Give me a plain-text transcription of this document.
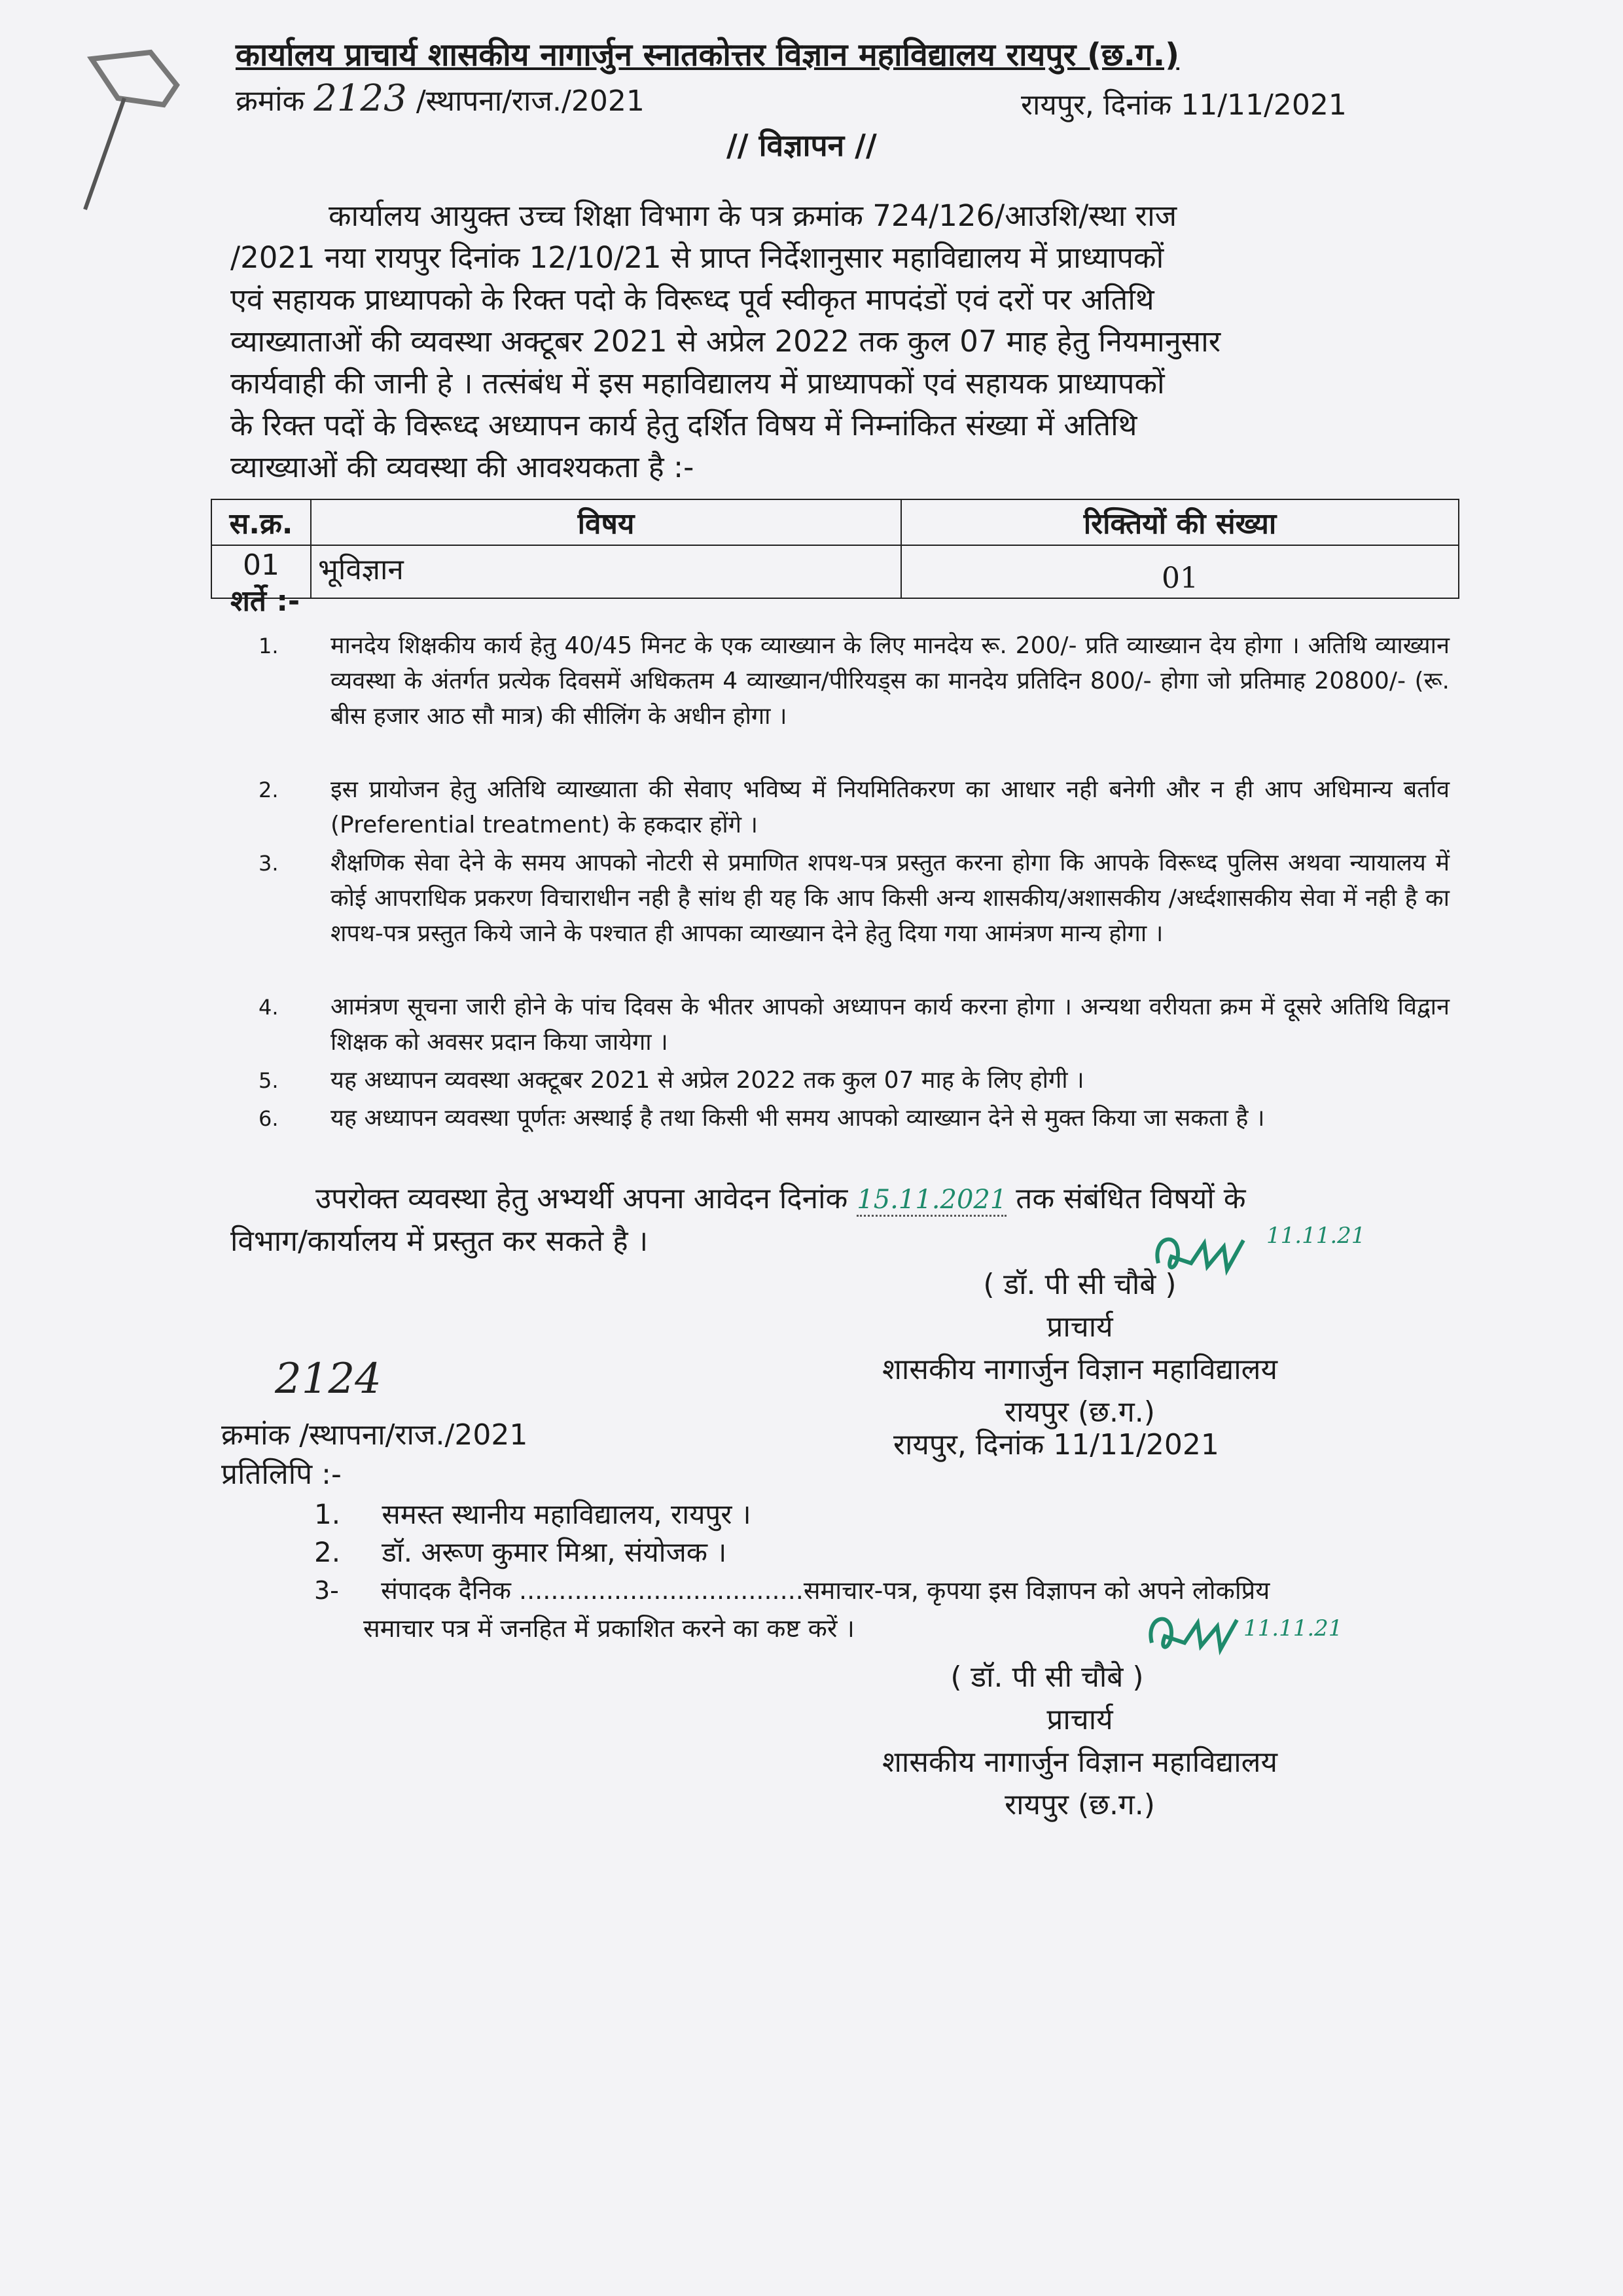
कार्यालय प्राचार्य शासकीय नागार्जुन स्नातकोत्तर विज्ञान महाविद्यालय रायपुर (छ.ग.)
क्रमांक 2123 /स्थापना/राज./2021	रायपुर, दिनांक 11/11/2021
// विज्ञापन //
कार्यालय आयुक्त उच्च शिक्षा विभाग के पत्र क्रमांक 724/126/आउशि/स्था राज
/2021 नया रायपुर दिनांक 12/10/21 से प्राप्त निर्देशानुसार महाविद्यालय में प्राध्यापकों
एवं सहायक प्राध्यापको के रिक्त पदो के विरूध्द पूर्व स्वीकृत मापदंडों एवं दरों पर अतिथि
व्याख्याताओं की व्यवस्था अक्टूबर 2021 से अप्रेल 2022 तक कुल 07 माह हेतु नियमानुसार
कार्यवाही की जानी हे । तत्संबंध में इस महाविद्यालय में प्राध्यापकों एवं सहायक प्राध्यापकों
के रिक्त पदों के विरूध्द अध्यापन कार्य हेतु दर्शित विषय में निम्नांकित संख्या में अतिथि
व्याख्याओं की व्यवस्था की आवश्यकता है :-
स.क्र.	विषय	रिक्तियों की संख्या
01	भूविज्ञान	01
शर्ते :-
1. मानदेय शिक्षकीय कार्य हेतु 40/45 मिनट के एक व्याख्यान के लिए मानदेय रू. 200/- प्रति व्याख्यान देय होगा । अतिथि व्याख्यान व्यवस्था के अंतर्गत प्रत्येक दिवसमें अधिकतम 4 व्याख्यान/पीरियड्स का मानदेय प्रतिदिन 800/- होगा जो प्रतिमाह 20800/- (रू. बीस हजार आठ सौ मात्र) की सीलिंग के अधीन होगा ।
2. इस प्रायोजन हेतु अतिथि व्याख्याता की सेवाए भविष्य में नियमितिकरण का आधार नही बनेगी और न ही आप अधिमान्य बर्ताव (Preferential treatment) के हकदार होंगे ।
3. शैक्षणिक सेवा देने के समय आपको नोटरी से प्रमाणित शपथ-पत्र प्रस्तुत करना होगा कि आपके विरूध्द पुलिस अथवा न्यायालय में कोई आपराधिक प्रकरण विचाराधीन नही है सांथ ही यह कि आप किसी अन्य शासकीय/अशासकीय /अर्ध्दशासकीय सेवा में नही है का शपथ-पत्र प्रस्तुत किये जाने के पश्चात ही आपका व्याख्यान देने हेतु दिया गया आमंत्रण मान्य होगा ।
4. आमंत्रण सूचना जारी होने के पांच दिवस के भीतर आपको अध्यापन कार्य करना होगा । अन्यथा वरीयता क्रम में दूसरे अतिथि विद्वान शिक्षक को अवसर प्रदान किया जायेगा ।
5. यह अध्यापन व्यवस्था अक्टूबर 2021 से अप्रेल 2022 तक कुल 07 माह के लिए होगी ।
6. यह अध्यापन व्यवस्था पूर्णतः अस्थाई है तथा किसी भी समय आपको व्याख्यान देने से मुक्त किया जा सकता है ।
उपरोक्त व्यवस्था हेतु अभ्यर्थी अपना आवेदन दिनांक 15.11.2021 तक संबंधित विषयों के
विभाग/कार्यालय में प्रस्तुत कर सकते है ।	11.11.21
( डॉ. पी सी चौबे )
प्राचार्य
शासकीय नागार्जुन विज्ञान महाविद्यालय
रायपुर (छ.ग.)
2124
क्रमांक /स्थापना/राज./2021	रायपुर, दिनांक 11/11/2021
प्रतिलिपि :-
1. समस्त स्थानीय महाविद्यालय, रायपुर ।
2. डॉ. अरूण कुमार मिश्रा, संयोजक ।
3- संपादक दैनिक ....................................समाचार-पत्र, कृपया इस विज्ञापन को अपने लोकप्रिय
समाचार पत्र में जनहित में प्रकाशित करने का कष्ट करें ।	11.11.21
( डॉ. पी सी चौबे )
प्राचार्य
शासकीय नागार्जुन विज्ञान महाविद्यालय
रायपुर (छ.ग.)
